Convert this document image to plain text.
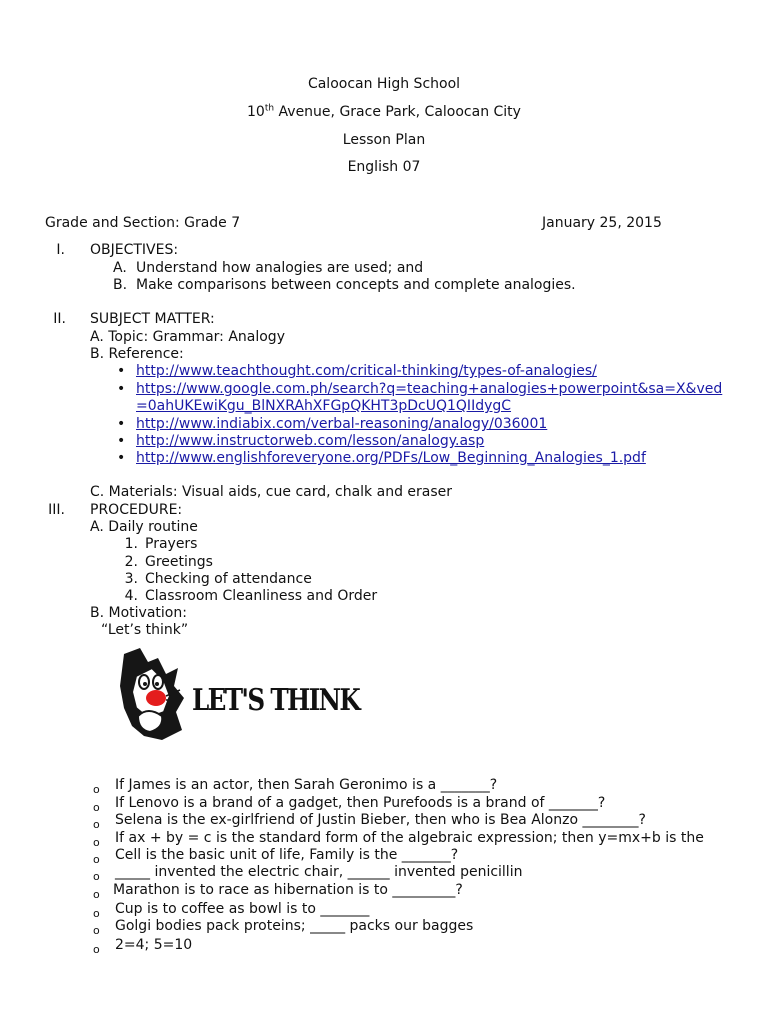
Caloocan High School
10th Avenue, Grace Park, Caloocan City
Lesson Plan
English 07
Grade and Section: Grade 7	January 25, 2015
I. OBJECTIVES:
A. Understand how analogies are used; and
B. Make comparisons between concepts and complete analogies.
II. SUBJECT MATTER:
A. Topic: Grammar: Analogy
B. Reference:
• http://www.teachthought.com/critical-thinking/types-of-analogies/
• https://www.google.com.ph/search?q=teaching+analogies+powerpoint&sa=X&ved
=0ahUKEwiKgu_BlNXRAhXFGpQKHT3pDcUQ1QIIdygC
• http://www.indiabix.com/verbal-reasoning/analogy/036001
• http://www.instructorweb.com/lesson/analogy.asp
• http://www.englishforeveryone.org/PDFs/Low_Beginning_Analogies_1.pdf
C. Materials: Visual aids, cue card, chalk and eraser
III. PROCEDURE:
A. Daily routine
1. Prayers
2. Greetings
3. Checking of attendance
4. Classroom Cleanliness and Order
B. Motivation:
“Let’s think”
LET'S THINK
o If James is an actor, then Sarah Geronimo is a _______?
o If Lenovo is a brand of a gadget, then Purefoods is a brand of _______?
o Selena is the ex-girlfriend of Justin Bieber, then who is Bea Alonzo ________?
o If ax + by = c is the standard form of the algebraic expression; then y=mx+b is the
o Cell is the basic unit of life, Family is the _______?
o _____ invented the electric chair, ______ invented penicillin
o Marathon is to race as hibernation is to _________?
o Cup is to coffee as bowl is to _______
o Golgi bodies pack proteins; _____ packs our bagges
o 2=4; 5=10
